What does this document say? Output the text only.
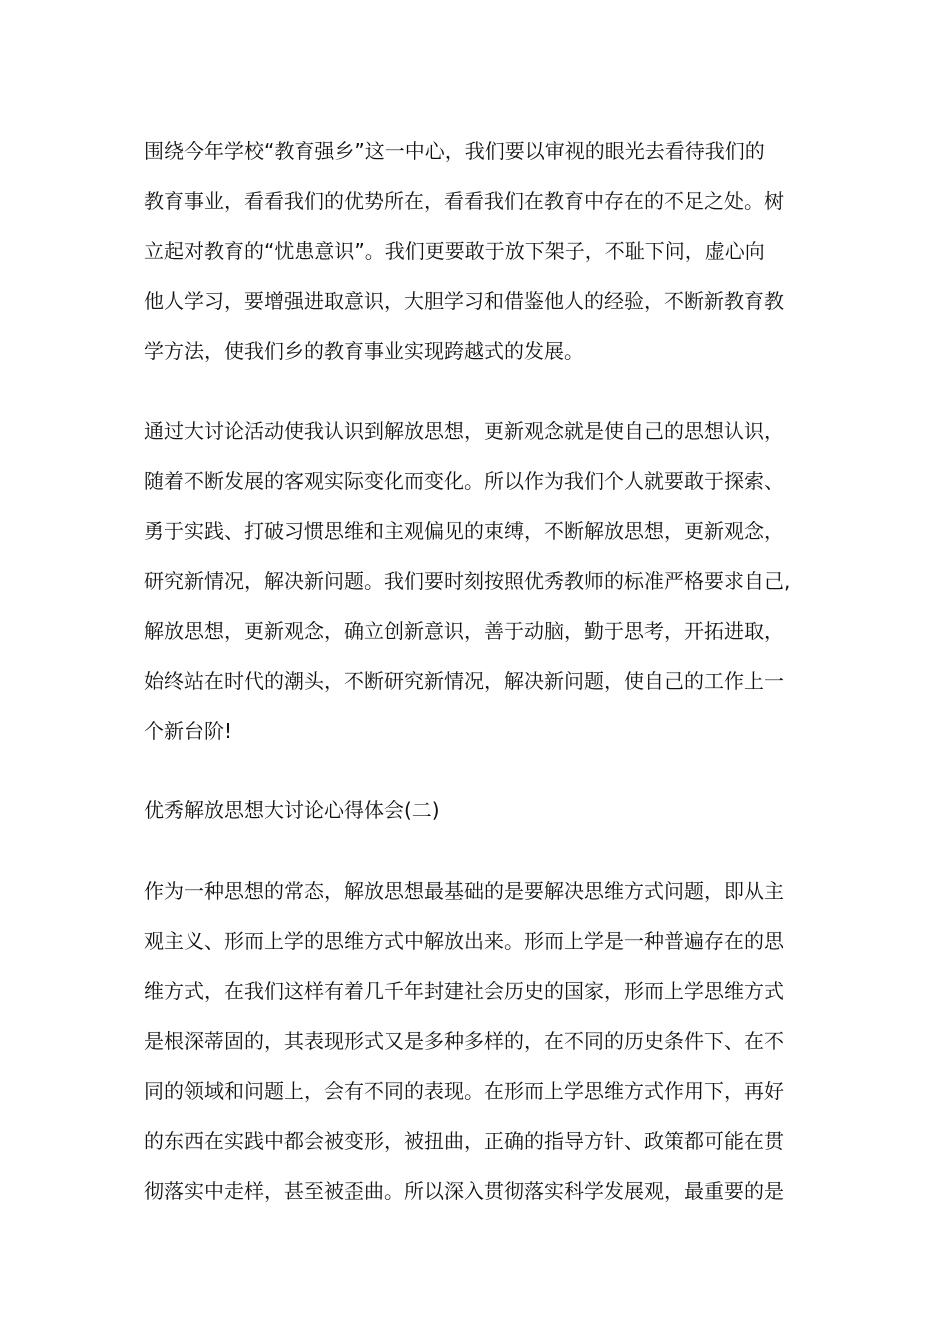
围绕今年学校“教育强乡”这一中心，我们要以审视的眼光去看待我们的
教育事业，看看我们的优势所在，看看我们在教育中存在的不足之处。树
立起对教育的“忧患意识”。我们更要敢于放下架子，不耻下问，虚心向
他人学习，要增强进取意识，大胆学习和借鉴他人的经验，不断新教育教
学方法，使我们乡的教育事业实现跨越式的发展。
通过大讨论活动使我认识到解放思想，更新观念就是使自己的思想认识，
随着不断发展的客观实际变化而变化。所以作为我们个人就要敢于探索、
勇于实践、打破习惯思维和主观偏见的束缚，不断解放思想，更新观念，
研究新情况，解决新问题。我们要时刻按照优秀教师的标准严格要求自己,
解放思想，更新观念，确立创新意识，善于动脑，勤于思考，开拓进取，
始终站在时代的潮头，不断研究新情况，解决新问题，使自己的工作上一
个新台阶!
优秀解放思想大讨论心得体会(二)
作为一种思想的常态，解放思想最基础的是要解决思维方式问题，即从主
观主义、形而上学的思维方式中解放出来。形而上学是一种普遍存在的思
维方式，在我们这样有着几千年封建社会历史的国家，形而上学思维方式
是根深蒂固的，其表现形式又是多种多样的，在不同的历史条件下、在不
同的领域和问题上，会有不同的表现。在形而上学思维方式作用下，再好
的东西在实践中都会被变形，被扭曲，正确的指导方针、政策都可能在贯
彻落实中走样，甚至被歪曲。所以深入贯彻落实科学发展观，最重要的是
